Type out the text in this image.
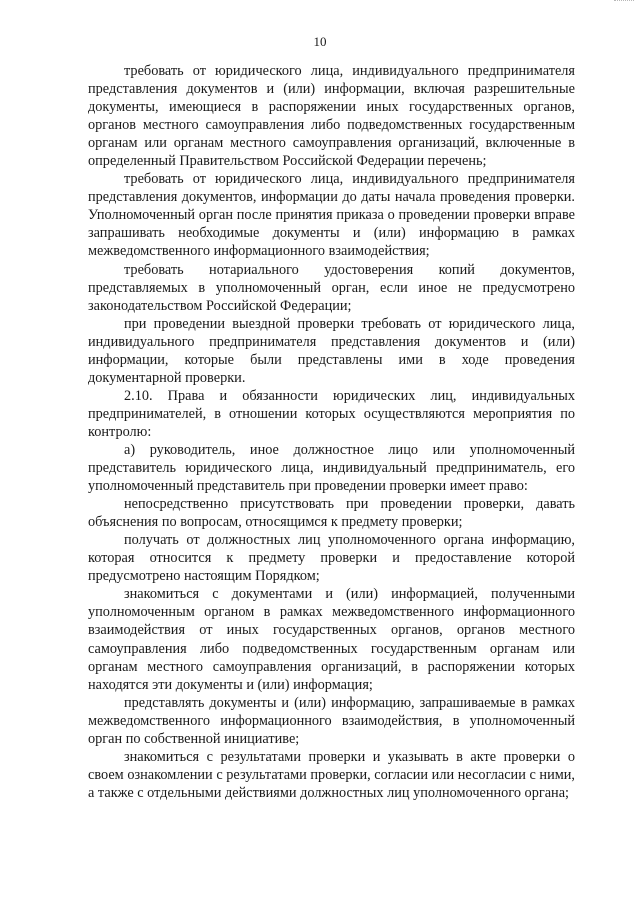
10

требовать от юридического лица, индивидуального предпринимателя представления документов и (или) информации, включая разрешительные документы, имеющиеся в распоряжении иных государственных органов, органов местного самоуправления либо подведомственных государственным органам или органам местного самоуправления организаций, включенные в определенный Правительством Российской Федерации перечень;

требовать от юридического лица, индивидуального предпринимателя представления документов, информации до даты начала проведения проверки. Уполномоченный орган после принятия приказа о проведении проверки вправе запрашивать необходимые документы и (или) информацию в рамках межведомственного информационного взаимодействия;

требовать нотариального удостоверения копий документов, представляемых в уполномоченный орган, если иное не предусмотрено законодательством Российской Федерации;

при проведении выездной проверки требовать от юридического лица, индивидуального предпринимателя представления документов и (или) информации, которые были представлены ими в ходе проведения документарной проверки.

2.10. Права и обязанности юридических лиц, индивидуальных предпринимателей, в отношении которых осуществляются мероприятия по контролю:

а) руководитель, иное должностное лицо или уполномоченный представитель юридического лица, индивидуальный предприниматель, его уполномоченный представитель при проведении проверки имеет право:

непосредственно присутствовать при проведении проверки, давать объяснения по вопросам, относящимся к предмету проверки;

получать от должностных лиц уполномоченного органа информацию, которая относится к предмету проверки и предоставление которой предусмотрено настоящим Порядком;

знакомиться с документами и (или) информацией, полученными уполномоченным органом в рамках межведомственного информационного взаимодействия от иных государственных органов, органов местного самоуправления либо подведомственных государственным органам или органам местного самоуправления организаций, в распоряжении которых находятся эти документы и (или) информация;

представлять документы и (или) информацию, запрашиваемые в рамках межведомственного информационного взаимодействия, в уполномоченный орган по собственной инициативе;

знакомиться с результатами проверки и указывать в акте проверки о своем ознакомлении с результатами проверки, согласии или несогласии с ними, а также с отдельными действиями должностных лиц уполномоченного органа;
